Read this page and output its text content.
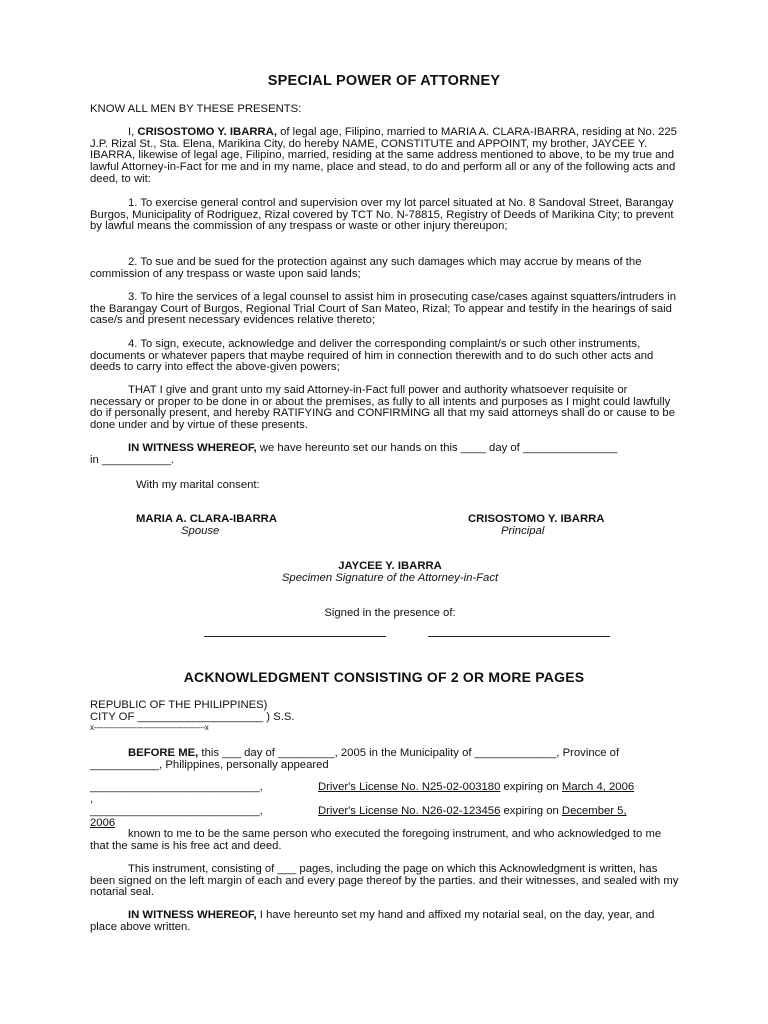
SPECIAL POWER OF ATTORNEY
KNOW ALL MEN BY THESE PRESENTS:
I, CRISOSTOMO Y. IBARRA, of legal age, Filipino, married to MARIA A. CLARA-IBARRA, residing at No. 225 J.P. Rizal St., Sta. Elena, Marikina City, do hereby NAME, CONSTITUTE and APPOINT, my brother, JAYCEE Y. IBARRA, likewise of legal age, Filipino, married, residing at the same address mentioned to above, to be my true and lawful Attorney-in-Fact for me and in my name, place and stead, to do and perform all or any of the following acts and deed, to wit:
1. To exercise general control and supervision over my lot parcel situated at No. 8 Sandoval Street, Barangay Burgos, Municipality of Rodriguez, Rizal covered by TCT No. N-78815, Registry of Deeds of Marikina City; to prevent by lawful means the commission of any trespass or waste or other injury thereupon;
2. To sue and be sued for the protection against any such damages which may accrue by means of the commission of any trespass or waste upon said lands;
3. To hire the services of a legal counsel to assist him in prosecuting case/cases against squatters/intruders in the Barangay Court of Burgos, Regional Trial Court of San Mateo, Rizal; To appear and testify in the hearings of said case/s and present necessary evidences relative thereto;
4. To sign, execute, acknowledge and deliver the corresponding complaint/s or such other instruments, documents or whatever papers that maybe required of him in connection therewith and to do such other acts and deeds to carry into effect the above-given powers;
THAT I give and grant unto my said Attorney-in-Fact full power and authority whatsoever requisite or necessary or proper to be done in or about the premises, as fully to all intents and purposes as I might could lawfully do if personally present, and hereby RATIFYING and CONFIRMING all that my said attorneys shall do or cause to be done under and by virtue of these presents.
IN WITNESS WHEREOF, we have hereunto set our hands on this ____ day of _______________
in ___________.
With my marital consent:
MARIA A. CLARA-IBARRA
Spouse
CRISOSTOMO Y. IBARRA
Principal
JAYCEE Y. IBARRA
Specimen Signature of the Attorney-in-Fact
Signed in the presence of:
ACKNOWLEDGMENT CONSISTING OF 2 OR MORE PAGES
REPUBLIC OF THE PHILIPPINES)
CITY OF ____________________ ) S.S.
x-----------------------------------------------x
BEFORE ME, this ___ day of _________, 2005 in the Municipality of _____________, Province of ___________, Philippines, personally appeared
___________________________,	Driver's License No. N25-02-003180 expiring on March 4, 2006
,
___________________________,	Driver's License No. N26-02-123456 expiring on December 5,
2006
known to me to be the same person who executed the foregoing instrument, and who acknowledged to me that the same is his free act and deed.
This instrument, consisting of ___ pages, including the page on which this Acknowledgment is written, has been signed on the left margin of each and every page thereof by the parties. and their witnesses, and sealed with my notarial seal.
IN WITNESS WHEREOF, I have hereunto set my hand and affixed my notarial seal, on the day, year, and place above written.
